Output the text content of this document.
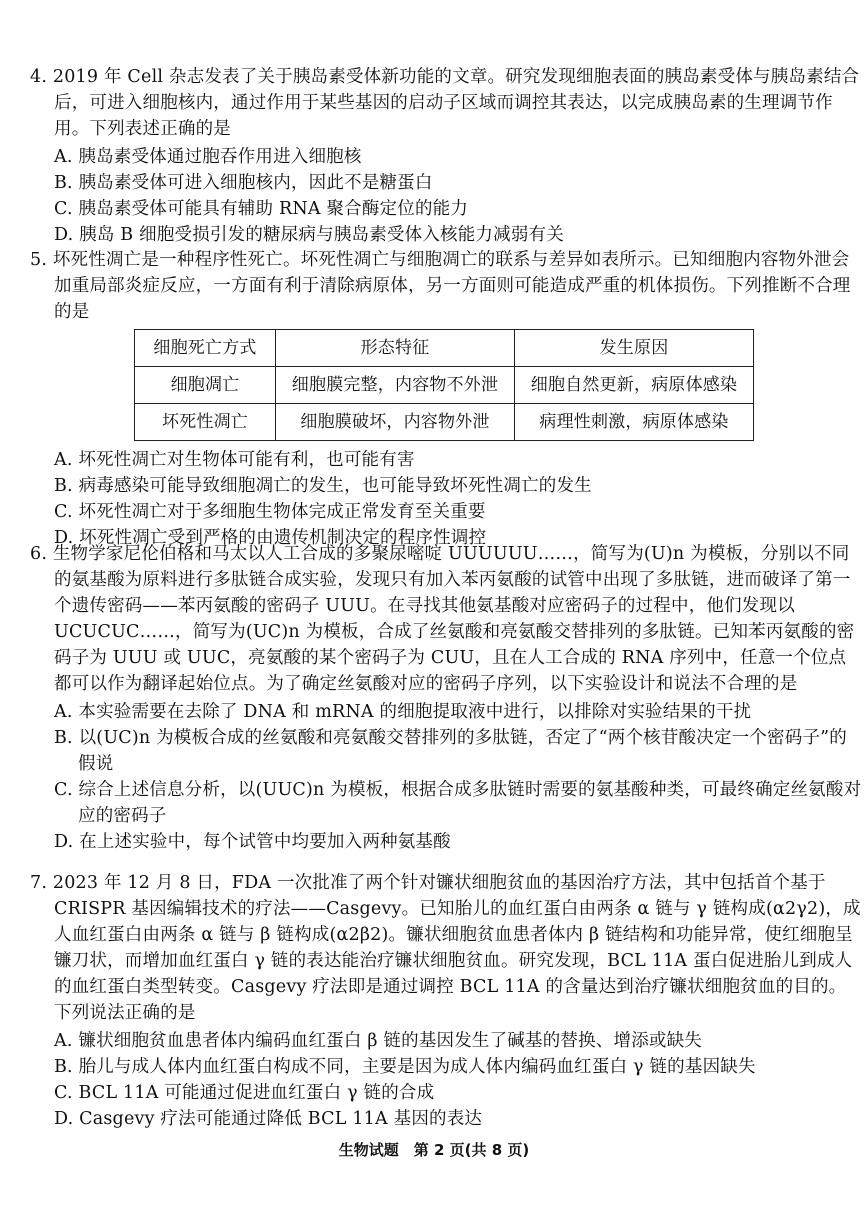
4. 2019 年 Cell 杂志发表了关于胰岛素受体新功能的文章。研究发现细胞表面的胰岛素受体与胰岛素结合后，可进入细胞核内，通过作用于某些基因的启动子区域而调控其表达，以完成胰岛素的生理调节作用。下列表述正确的是

A. 胰岛素受体通过胞吞作用进入细胞核
B. 胰岛素受体可进入细胞核内，因此不是糖蛋白
C. 胰岛素受体可能具有辅助 RNA 聚合酶定位的能力
D. 胰岛 B 细胞受损引发的糖尿病与胰岛素受体入核能力减弱有关

5. 坏死性凋亡是一种程序性死亡。坏死性凋亡与细胞凋亡的联系与差异如表所示。已知细胞内容物外泄会加重局部炎症反应，一方面有利于清除病原体，另一方面则可能造成严重的机体损伤。下列推断不合理的是

细胞死亡方式	形态特征	发生原因
细胞凋亡	细胞膜完整，内容物不外泄	细胞自然更新，病原体感染
坏死性凋亡	细胞膜破坏，内容物外泄	病理性刺激，病原体感染
A. 坏死性凋亡对生物体可能有利，也可能有害
B. 病毒感染可能导致细胞凋亡的发生，也可能导致坏死性凋亡的发生
C. 坏死性凋亡对于多细胞生物体完成正常发育至关重要
D. 坏死性凋亡受到严格的由遗传机制决定的程序性调控

6. 生物学家尼伦伯格和马太以人工合成的多聚尿嘧啶 UUUUUU……，简写为(U)n 为模板，分别以不同的氨基酸为原料进行多肽链合成实验，发现只有加入苯丙氨酸的试管中出现了多肽链，进而破译了第一个遗传密码——苯丙氨酸的密码子 UUU。在寻找其他氨基酸对应密码子的过程中，他们发现以 UCUCUC……，简写为(UC)n 为模板，合成了丝氨酸和亮氨酸交替排列的多肽链。已知苯丙氨酸的密码子为 UUU 或 UUC，亮氨酸的某个密码子为 CUU，且在人工合成的 RNA 序列中，任意一个位点都可以作为翻译起始位点。为了确定丝氨酸对应的密码子序列，以下实验设计和说法不合理的是

A. 本实验需要在去除了 DNA 和 mRNA 的细胞提取液中进行，以排除对实验结果的干扰
B. 以(UC)n 为模板合成的丝氨酸和亮氨酸交替排列的多肽链，否定了“两个核苷酸决定一个密码子”的假说
C. 综合上述信息分析，以(UUC)n 为模板，根据合成多肽链时需要的氨基酸种类，可最终确定丝氨酸对应的密码子
D. 在上述实验中，每个试管中均要加入两种氨基酸

7. 2023 年 12 月 8 日，FDA 一次批准了两个针对镰状细胞贫血的基因治疗方法，其中包括首个基于 CRISPR 基因编辑技术的疗法——Casgevy。已知胎儿的血红蛋白由两条 α 链与 γ 链构成(α2γ2)，成人血红蛋白由两条 α 链与 β 链构成(α2β2)。镰状细胞贫血患者体内 β 链结构和功能异常，使红细胞呈镰刀状，而增加血红蛋白 γ 链的表达能治疗镰状细胞贫血。研究发现，BCL 11A 蛋白促进胎儿到成人的血红蛋白类型转变。Casgevy 疗法即是通过调控 BCL 11A 的含量达到治疗镰状细胞贫血的目的。下列说法正确的是

A. 镰状细胞贫血患者体内编码血红蛋白 β 链的基因发生了碱基的替换、增添或缺失
B. 胎儿与成人体内血红蛋白构成不同，主要是因为成人体内编码血红蛋白 γ 链的基因缺失
C. BCL 11A 可能通过促进血红蛋白 γ 链的合成
D. Casgevy 疗法可能通过降低 BCL 11A 基因的表达
生物试题　第 2 页(共 8 页)
